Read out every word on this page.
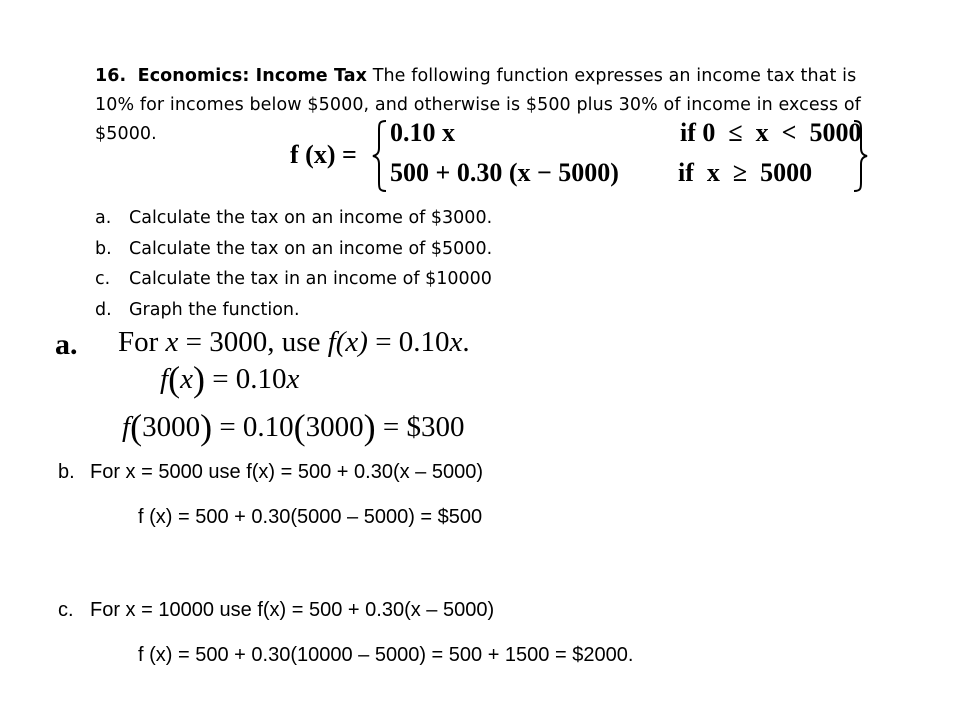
16. Economics: Income Tax The following function expresses an income tax that is 10% for incomes below $5000, and otherwise is $500 plus 30% of income in excess of $5000.
f (x) =
0.10 x	if 0  ≤  x  <  5000
500 + 0.30 (x − 5000) if  x  ≥  5000
a. Calculate the tax on an income of $3000.
b. Calculate the tax on an income of $5000.
c. Calculate the tax in an income of $10000
d. Graph the function.
a. For x = 3000, use f(x) = 0.10x.
f(x) = 0.10x
f(3000) = 0.10(3000) = $300
b. For x = 5000 use f(x) = 500 + 0.30(x – 5000)
f (x) = 500 + 0.30(5000 – 5000) = $500
c. For x = 10000 use f(x) = 500 + 0.30(x – 5000)
f (x) = 500 + 0.30(10000 – 5000) = 500 + 1500 = $2000.
